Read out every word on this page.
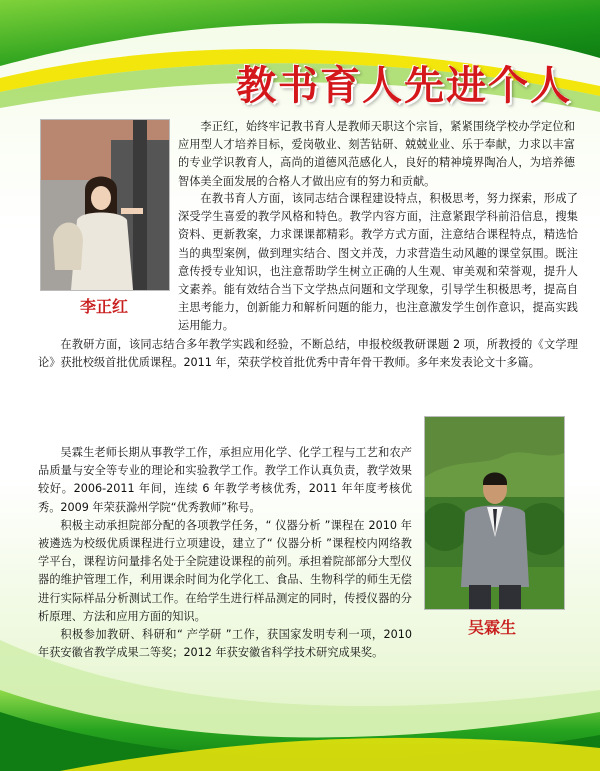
教书育人先进个人
李正红

李正红，始终牢记教书育人是教师天职这个宗旨，紧紧围绕学校办学定位和应用型人才培养目标，爱岗敬业、刻苦钻研、兢兢业业、乐于奉献，力求以丰富的专业学识教育人，高尚的道德风范感化人，良好的精神境界陶冶人，为培养德智体美全面发展的合格人才做出应有的努力和贡献。

在教书育人方面，该同志结合课程建设特点，积极思考，努力探索，形成了深受学生喜爱的教学风格和特色。教学内容方面，注意紧跟学科前沿信息，搜集资料、更新教案，力求课课都精彩。教学方式方面，注意结合课程特点，精选恰当的典型案例，做到理实结合、图文并茂，力求营造生动风趣的课堂氛围。既注意传授专业知识，也注意帮助学生树立正确的人生观、审美观和荣誉观，提升人文素养。能有效结合当下文学热点问题和文学现象，引导学生积极思考，提高自主思考能力，创新能力和解析问题的能力，也注意激发学生创作意识，提高实践运用能力。

在教研方面，该同志结合多年教学实践和经验，不断总结，申报校级教研课题 2 项，所教授的《文学理论》获批校级首批优质课程。2011 年，荣获学校首批优秀中青年骨干教师。多年来发表论文十多篇。

吴霖生

吴霖生老师长期从事教学工作，承担应用化学、化学工程与工艺和农产品质量与安全等专业的理论和实验教学工作。教学工作认真负责，教学效果较好。2006-2011 年间，连续 6 年教学考核优秀，2011 年年度考核优秀。2009 年荣获滁州学院“优秀教师”称号。

积极主动承担院部分配的各项教学任务，“ 仪器分析 ”课程在 2010 年被遴选为校级优质课程进行立项建设，建立了“ 仪器分析 ”课程校内网络教学平台，课程访问量排名处于全院建设课程的前列。承担着院部部分大型仪器的维护管理工作，利用课余时间为化学化工、食品、生物科学的师生无偿进行实际样品分析测试工作。在给学生进行样品测定的同时，传授仪器的分析原理、方法和应用方面的知识。

积极参加教研、科研和“ 产学研 ”工作，获国家发明专利一项，2010 年获安徽省教学成果二等奖；2012 年获安徽省科学技术研究成果奖。
